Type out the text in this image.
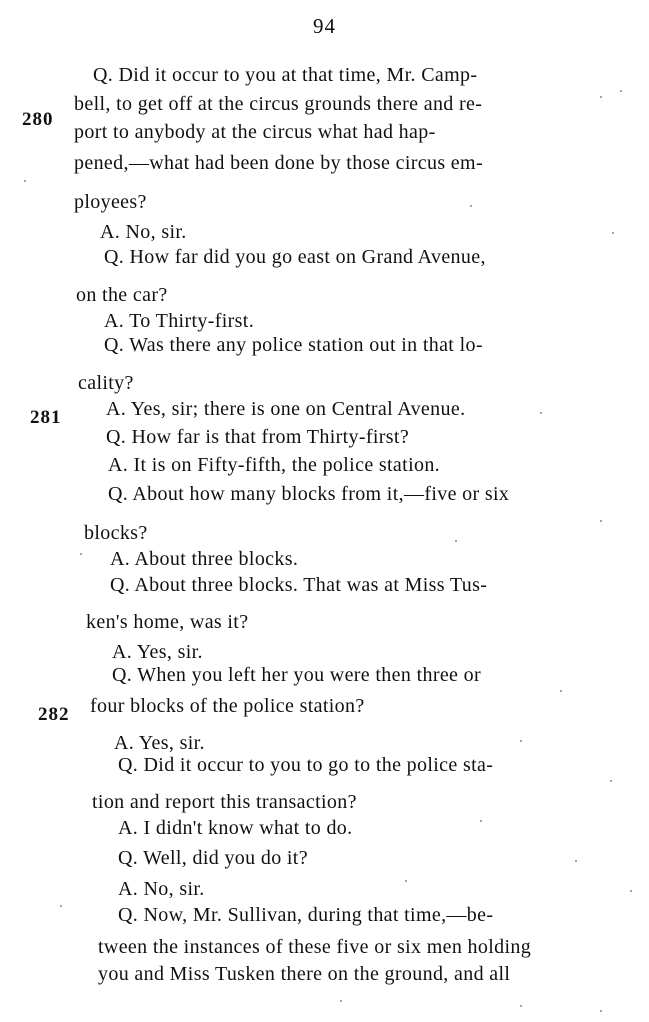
94
280
281
282
Q. Did it occur to you at that time, Mr. Camp-
bell, to get off at the circus grounds there and re-
port to anybody at the circus what had hap-
pened,—what had been done by those circus em-
ployees?
A. No, sir.
Q. How far did you go east on Grand Avenue,
on the car?
A. To Thirty-first.
Q. Was there any police station out in that lo-
cality?
A. Yes, sir; there is one on Central Avenue.
Q. How far is that from Thirty-first?
A. It is on Fifty-fifth, the police station.
Q. About how many blocks from it,—five or six
blocks?
A. About three blocks.
Q. About three blocks. That was at Miss Tus-
ken's home, was it?
A. Yes, sir.
Q. When you left her you were then three or
four blocks of the police station?
A. Yes, sir.
Q. Did it occur to you to go to the police sta-
tion and report this transaction?
A. I didn't know what to do.
Q. Well, did you do it?
A. No, sir.
Q. Now, Mr. Sullivan, during that time,—be-
tween the instances of these five or six men holding
you and Miss Tusken there on the ground, and all
